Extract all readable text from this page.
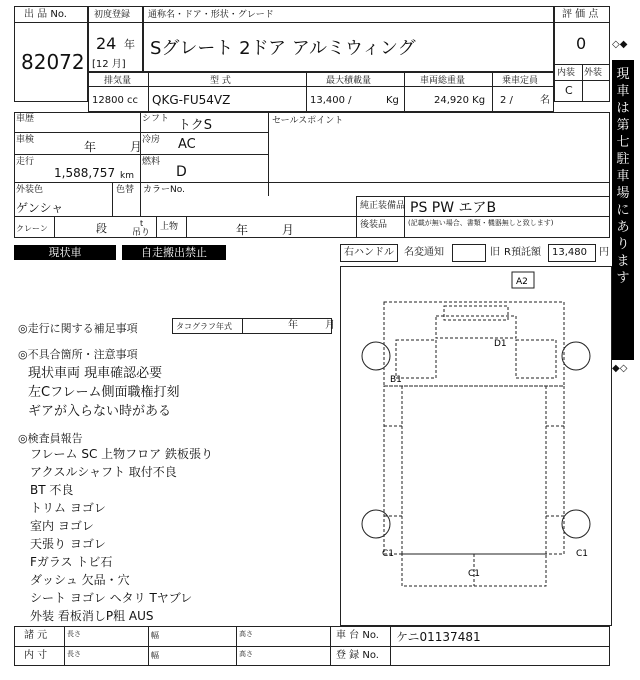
出 品 No.
82072
初度登録
24 年
[12 月]
通称名・ドア・形状・グレード
Sグレート 2ドア アルミウィング
評 価 点
0
内装 外装
C
排気量	型 式	最大積載量	車両総重量	乗車定員
12800 cc QKG-FU54VZ	13,400 /	Kg	24,920 Kg 2 /	名
車歴	シフト トクS	セールスポイント
車検	年 月 冷房 AC
走行
1,588,757 km
燃料
D
外装色
ゲンシャ
色替 カラーNo.
純正装備品 PS PW エアB
後装品	(記載が無い場合、書類・機器無しと致します)
クレーン	段	t
吊り
上物	年 月
現状車	自走搬出禁止	右ハンドル 名変通知	旧 R預託額 13,480 円
◎走行に関する補足事項	タコグラフ年式	年 月
◎不具合箇所・注意事項
現状車両 現車確認必要
左Cフレーム側面職権打刻
ギアが入らない時がある
◎検査員報告
フレーム SC 上物フロア 鉄板張り
アクスルシャフト 取付不良
BT 不良
トリム ヨゴレ
室内 ヨゴレ
天張り ヨゴレ
Fガラス トビ石
ダッシュ 欠品・穴
シート ヨゴレ ヘタリ Tヤブレ
外装 看板消しP粗 AUS
A2
D1
B1
C1	C1
C1
諸 元
内 寸
長さ	幅	高さ
長さ	幅	高さ
車 台 No. ケニ01137481
登 録 No.
◇◆
現
車
は
第
七
駐
車
場
に
あ
り
ま
す
◆◇
